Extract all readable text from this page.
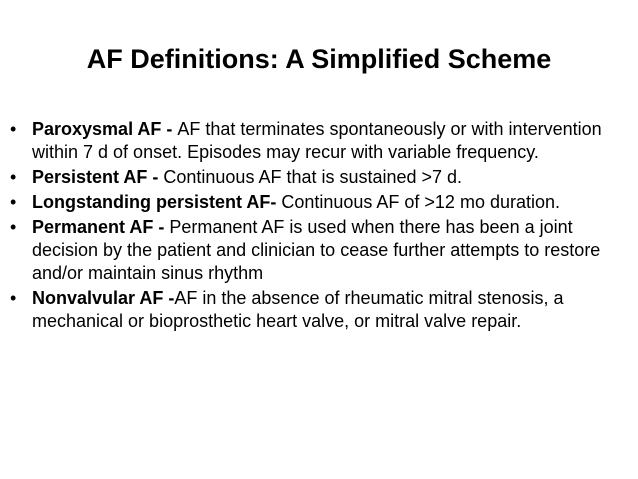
AF Definitions: A Simplified Scheme
• Paroxysmal AF - AF that terminates spontaneously or with intervention within 7 d of onset. Episodes may recur with variable frequency.
• Persistent AF - Continuous AF that is sustained >7 d.
• Longstanding persistent AF- Continuous AF of >12 mo duration.
• Permanent AF - Permanent AF is used when there has been a joint decision by the patient and clinician to cease further attempts to restore and/or maintain sinus rhythm
• Nonvalvular AF -AF in the absence of rheumatic mitral stenosis, a mechanical or bioprosthetic heart valve, or mitral valve repair.
